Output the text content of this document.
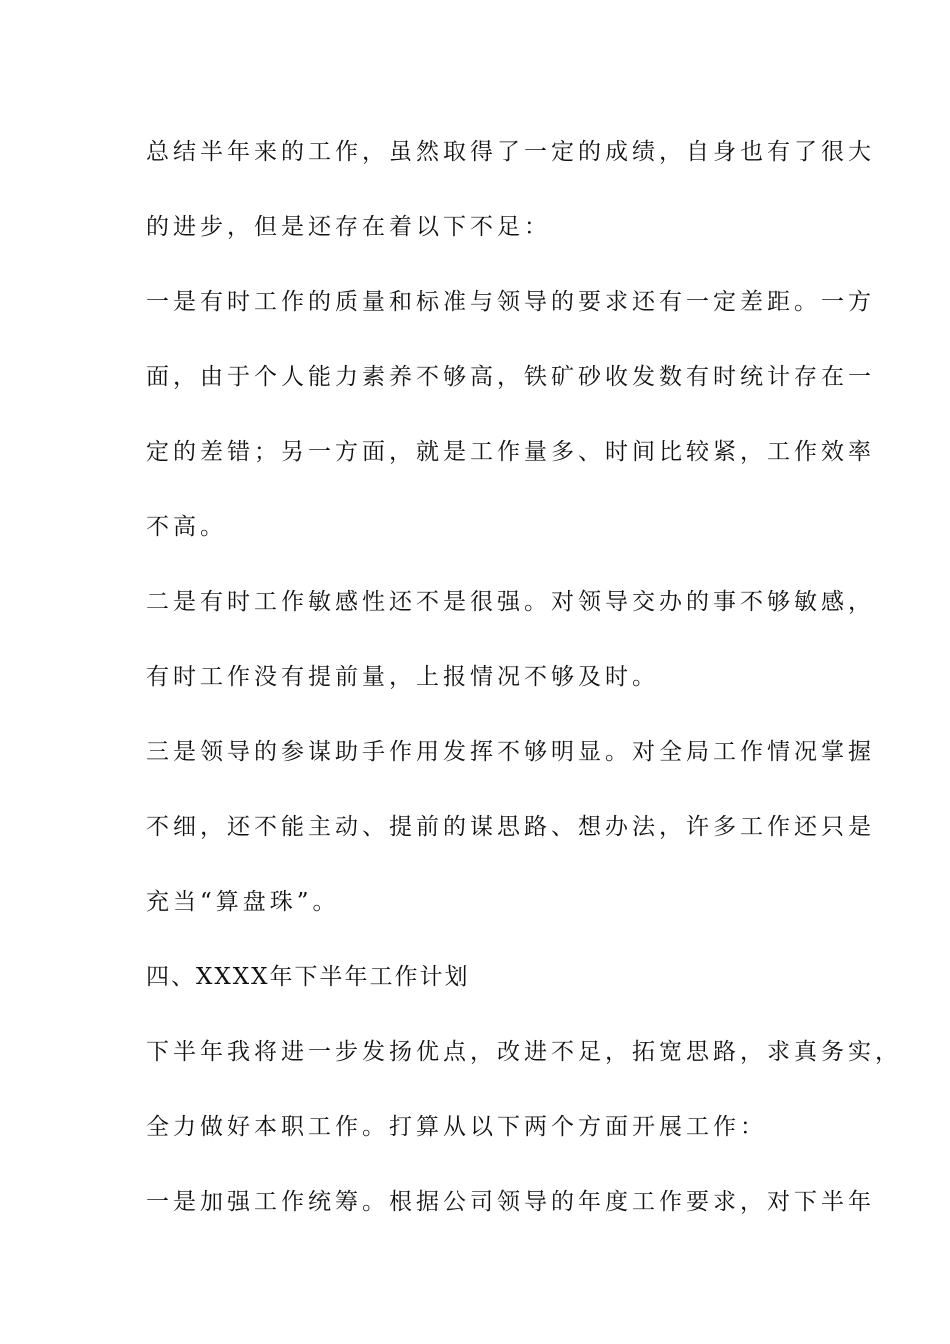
总结半年来的工作，虽然取得了一定的成绩，自身也有了很大

的进步，但是还存在着以下不足：

一是有时工作的质量和标准与领导的要求还有一定差距。一方

面，由于个人能力素养不够高，铁矿砂收发数有时统计存在一

定的差错；另一方面，就是工作量多、时间比较紧，工作效率

不高。

二是有时工作敏感性还不是很强。对领导交办的事不够敏感，

有时工作没有提前量，上报情况不够及时。

三是领导的参谋助手作用发挥不够明显。对全局工作情况掌握

不细，还不能主动、提前的谋思路、想办法，许多工作还只是

充当“算盘珠”。

四、XXXX年下半年工作计划

下半年我将进一步发扬优点，改进不足，拓宽思路，求真务实，

全力做好本职工作。打算从以下两个方面开展工作：

一是加强工作统筹。根据公司领导的年度工作要求，对下半年
